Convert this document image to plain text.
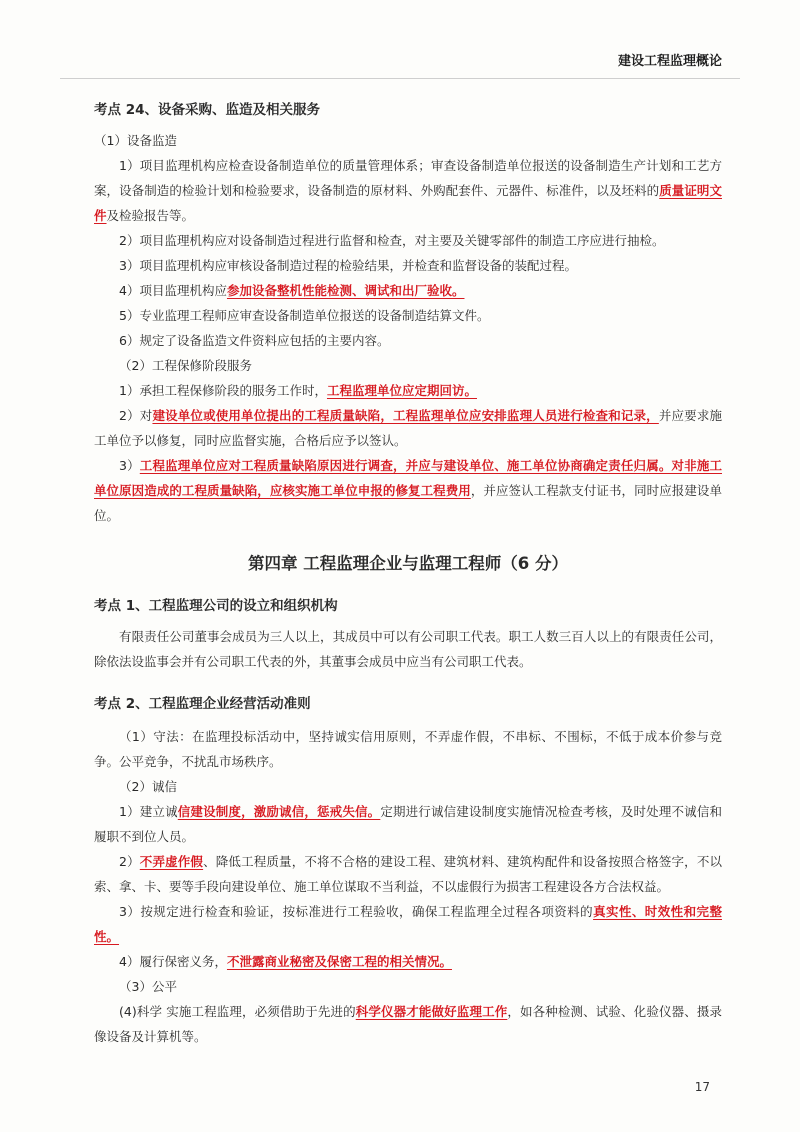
建设工程监理概论
考点 24、设备采购、监造及相关服务
（1）设备监造
1）项目监理机构应检查设备制造单位的质量管理体系；审查设备制造单位报送的设备制造生产计划和工艺方案，设备制造的检验计划和检验要求，设备制造的原材料、外购配套件、元器件、标准件，以及坯料的质量证明文件及检验报告等。
2）项目监理机构应对设备制造过程进行监督和检查，对主要及关键零部件的制造工序应进行抽检。
3）项目监理机构应审核设备制造过程的检验结果，并检查和监督设备的装配过程。
4）项目监理机构应参加设备整机性能检测、调试和出厂验收。
5）专业监理工程师应审查设备制造单位报送的设备制造结算文件。
6）规定了设备监造文件资料应包括的主要内容。
（2）工程保修阶段服务
1）承担工程保修阶段的服务工作时，工程监理单位应定期回访。
2）对建设单位或使用单位提出的工程质量缺陷，工程监理单位应安排监理人员进行检查和记录，并应要求施工单位予以修复，同时应监督实施，合格后应予以签认。
3）工程监理单位应对工程质量缺陷原因进行调查，并应与建设单位、施工单位协商确定责任归属。对非施工单位原因造成的工程质量缺陷，应核实施工单位申报的修复工程费用，并应签认工程款支付证书，同时应报建设单位。
第四章 工程监理企业与监理工程师（6 分）
考点 1、工程监理公司的设立和组织机构
有限责任公司董事会成员为三人以上，其成员中可以有公司职工代表。职工人数三百人以上的有限责任公司，除依法设监事会并有公司职工代表的外，其董事会成员中应当有公司职工代表。
考点 2、工程监理企业经营活动准则
（1）守法：在监理投标活动中，坚持诚实信用原则，不弄虚作假，不串标、不围标，不低于成本价参与竞争。公平竞争，不扰乱市场秩序。
（2）诚信
1）建立诚信建设制度，激励诚信，惩戒失信。定期进行诚信建设制度实施情况检查考核，及时处理不诚信和履职不到位人员。
2）不弄虚作假、降低工程质量，不将不合格的建设工程、建筑材料、建筑构配件和设备按照合格签字，不以索、拿、卡、要等手段向建设单位、施工单位谋取不当利益，不以虚假行为损害工程建设各方合法权益。
3）按规定进行检查和验证，按标准进行工程验收，确保工程监理全过程各项资料的真实性、时效性和完整性。
4）履行保密义务，不泄露商业秘密及保密工程的相关情况。
（3）公平
(4)科学 实施工程监理，必须借助于先进的科学仪器才能做好监理工作，如各种检测、试验、化验仪器、摄录像设备及计算机等。
17
